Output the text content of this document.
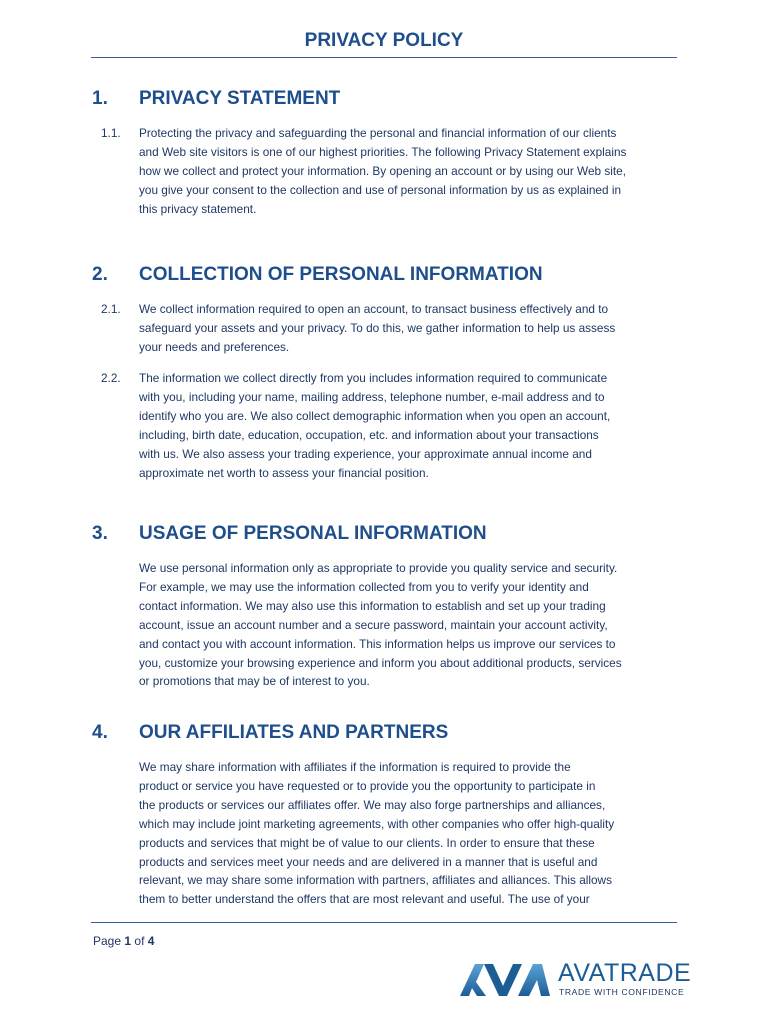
PRIVACY POLICY
1. PRIVACY STATEMENT
1.1. Protecting the privacy and safeguarding the personal and financial information of our clients
and Web site visitors is one of our highest priorities. The following Privacy Statement explains
how we collect and protect your information. By opening an account or by using our Web site,
you give your consent to the collection and use of personal information by us as explained in
this privacy statement.
2. COLLECTION OF PERSONAL INFORMATION
2.1. We collect information required to open an account, to transact business effectively and to
safeguard your assets and your privacy. To do this, we gather information to help us assess
your needs and preferences.
2.2. The information we collect directly from you includes information required to communicate
with you, including your name, mailing address, telephone number, e-mail address and to
identify who you are. We also collect demographic information when you open an account,
including, birth date, education, occupation, etc. and information about your transactions
with us. We also assess your trading experience, your approximate annual income and
approximate net worth to assess your financial position.
3. USAGE OF PERSONAL INFORMATION
We use personal information only as appropriate to provide you quality service and security.
For example, we may use the information collected from you to verify your identity and
contact information. We may also use this information to establish and set up your trading
account, issue an account number and a secure password, maintain your account activity,
and contact you with account information. This information helps us improve our services to
you, customize your browsing experience and inform you about additional products, services
or promotions that may be of interest to you.
4. OUR AFFILIATES AND PARTNERS
We may share information with affiliates if the information is required to provide the
product or service you have requested or to provide you the opportunity to participate in
the products or services our affiliates offer. We may also forge partnerships and alliances,
which may include joint marketing agreements, with other companies who offer high-quality
products and services that might be of value to our clients. In order to ensure that these
products and services meet your needs and are delivered in a manner that is useful and
relevant, we may share some information with partners, affiliates and alliances. This allows
them to better understand the offers that are most relevant and useful. The use of your
Page 1 of 4
AVATRADE
TRADE WITH CONFIDENCE
